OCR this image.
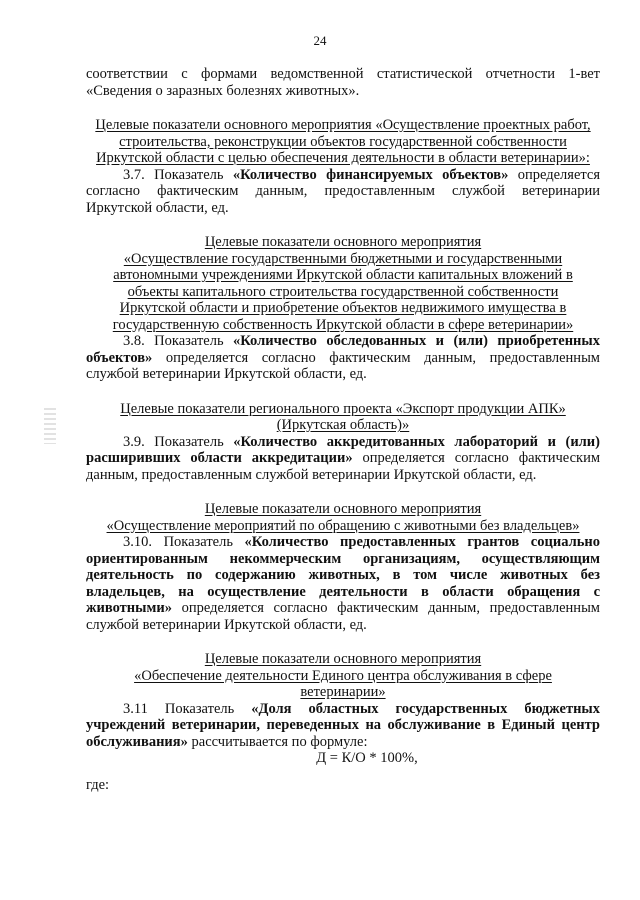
24

соответствии с формами ведомственной статистической отчетности 1-вет «Сведения о заразных болезнях животных».

Целевые показатели основного мероприятия «Осуществление проектных работ,

строительства, реконструкции объектов государственной собственности

Иркутской области с целью обеспечения деятельности в области ветеринарии»:

3.7. Показатель «Количество финансируемых объектов» определяется согласно фактическим данным, предоставленным службой ветеринарии Иркутской области, ед.

Целевые показатели основного мероприятия

«Осуществление государственными бюджетными и государственными

автономными учреждениями Иркутской области капитальных вложений в

объекты капитального строительства государственной собственности

Иркутской области и приобретение объектов недвижимого имущества в

государственную собственность Иркутской области в сфере ветеринарии»

3.8. Показатель «Количество обследованных и (или) приобретенных объектов» определяется согласно фактическим данным, предоставленным службой ветеринарии Иркутской области, ед.

Целевые показатели регионального проекта «Экспорт продукции АПК»

(Иркутская область)»

3.9. Показатель «Количество аккредитованных лабораторий и (или) расширивших области аккредитации» определяется согласно фактическим данным, предоставленным службой ветеринарии Иркутской области, ед.

Целевые показатели основного мероприятия

«Осуществление мероприятий по обращению с животными без владельцев»

3.10. Показатель «Количество предоставленных грантов социально ориентированным некоммерческим организациям, осуществляющим деятельность по содержанию животных, в том числе животных без владельцев, на осуществление деятельности в области обращения с животными» определяется согласно фактическим данным, предоставленным службой ветеринарии Иркутской области, ед.

Целевые показатели основного мероприятия

«Обеспечение деятельности Единого центра обслуживания в сфере

ветеринарии»

3.11 Показатель «Доля областных государственных бюджетных учреждений ветеринарии, переведенных на обслуживание в Единый центр обслуживания» рассчитывается по формуле:

Д = К/О * 100%,

где:
